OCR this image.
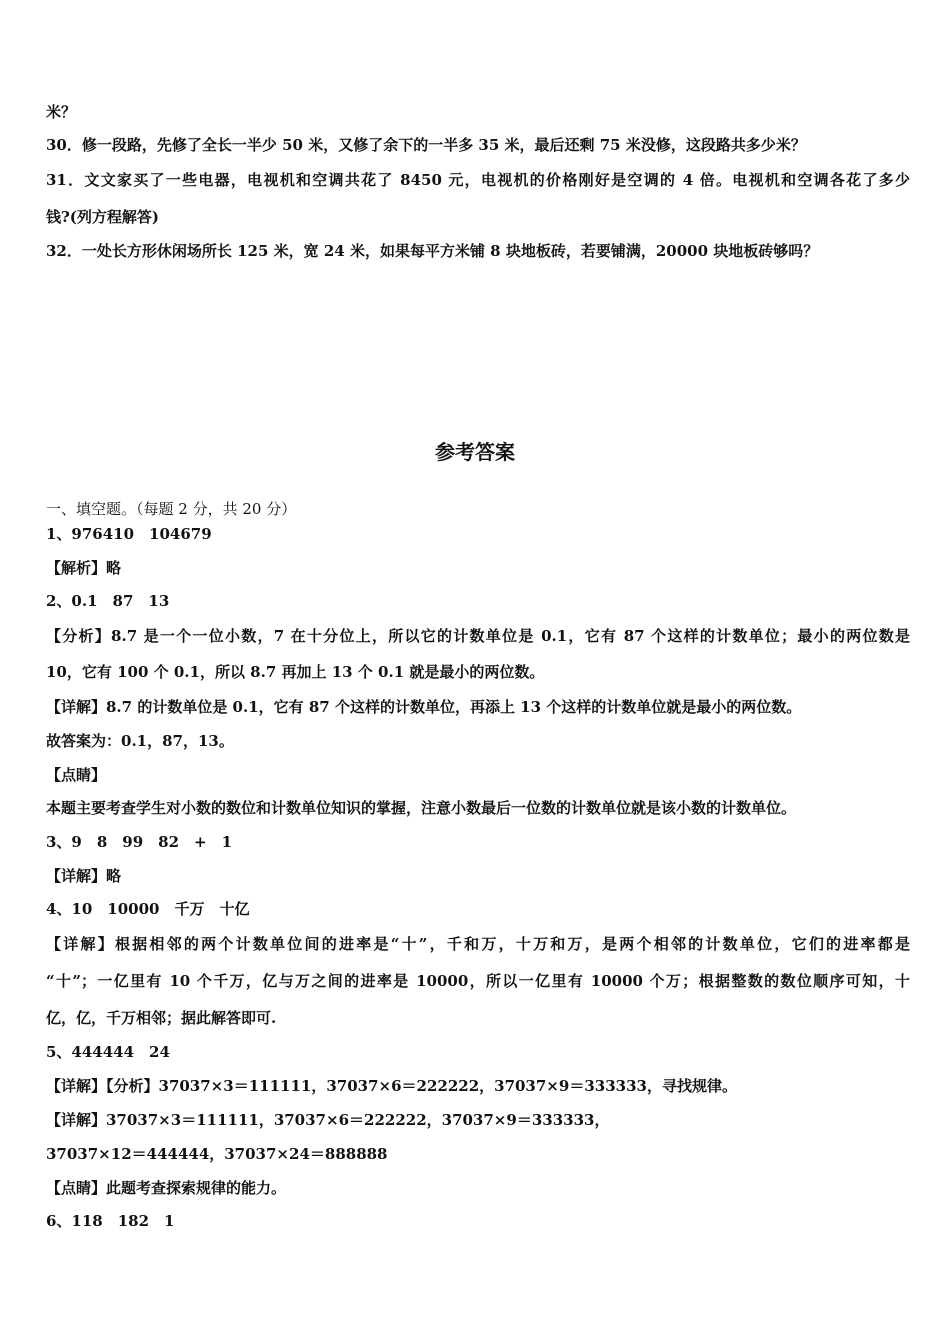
米？
30．修一段路，先修了全长一半少 50 米，又修了余下的一半多 35 米，最后还剩 75 米没修，这段路共多少米？
31．文文家买了一些电器，电视机和空调共花了 8450 元，电视机的价格刚好是空调的 4 倍。电视机和空调各花了多少
钱?(列方程解答)
32．一处长方形休闲场所长 125 米，宽 24 米，如果每平方米铺 8 块地板砖，若要铺满，20000 块地板砖够吗？
参考答案
一、填空题。（每题 2 分，共 20 分）
1、976410　104679
【解析】略
2、0.1　87　13
【分析】8.7 是一个一位小数，7 在十分位上，所以它的计数单位是 0.1，它有 87 个这样的计数单位；最小的两位数是
10，它有 100 个 0.1，所以 8.7 再加上 13 个 0.1 就是最小的两位数。
【详解】8.7 的计数单位是 0.1，它有 87 个这样的计数单位，再添上 13 个这样的计数单位就是最小的两位数。
故答案为：0.1，87，13。
【点睛】
本题主要考查学生对小数的数位和计数单位知识的掌握，注意小数最后一位数的计数单位就是该小数的计数单位。
3、9　8　99　82　+　1
【详解】略
4、10　10000　千万　十亿
【详解】根据相邻的两个计数单位间的进率是“十”，千和万，十万和万，是两个相邻的计数单位，它们的进率都是
“十”；一亿里有 10 个千万，亿与万之间的进率是 10000，所以一亿里有 10000 个万；根据整数的数位顺序可知，十
亿，亿，千万相邻；据此解答即可.
5、444444　24
【详解】【分析】37037×3＝111111，37037×6＝222222，37037×9＝333333，寻找规律。
【详解】37037×3＝111111，37037×6＝222222，37037×9＝333333，
37037×12＝444444，37037×24＝888888
【点睛】此题考查探索规律的能力。
6、118　182　1
